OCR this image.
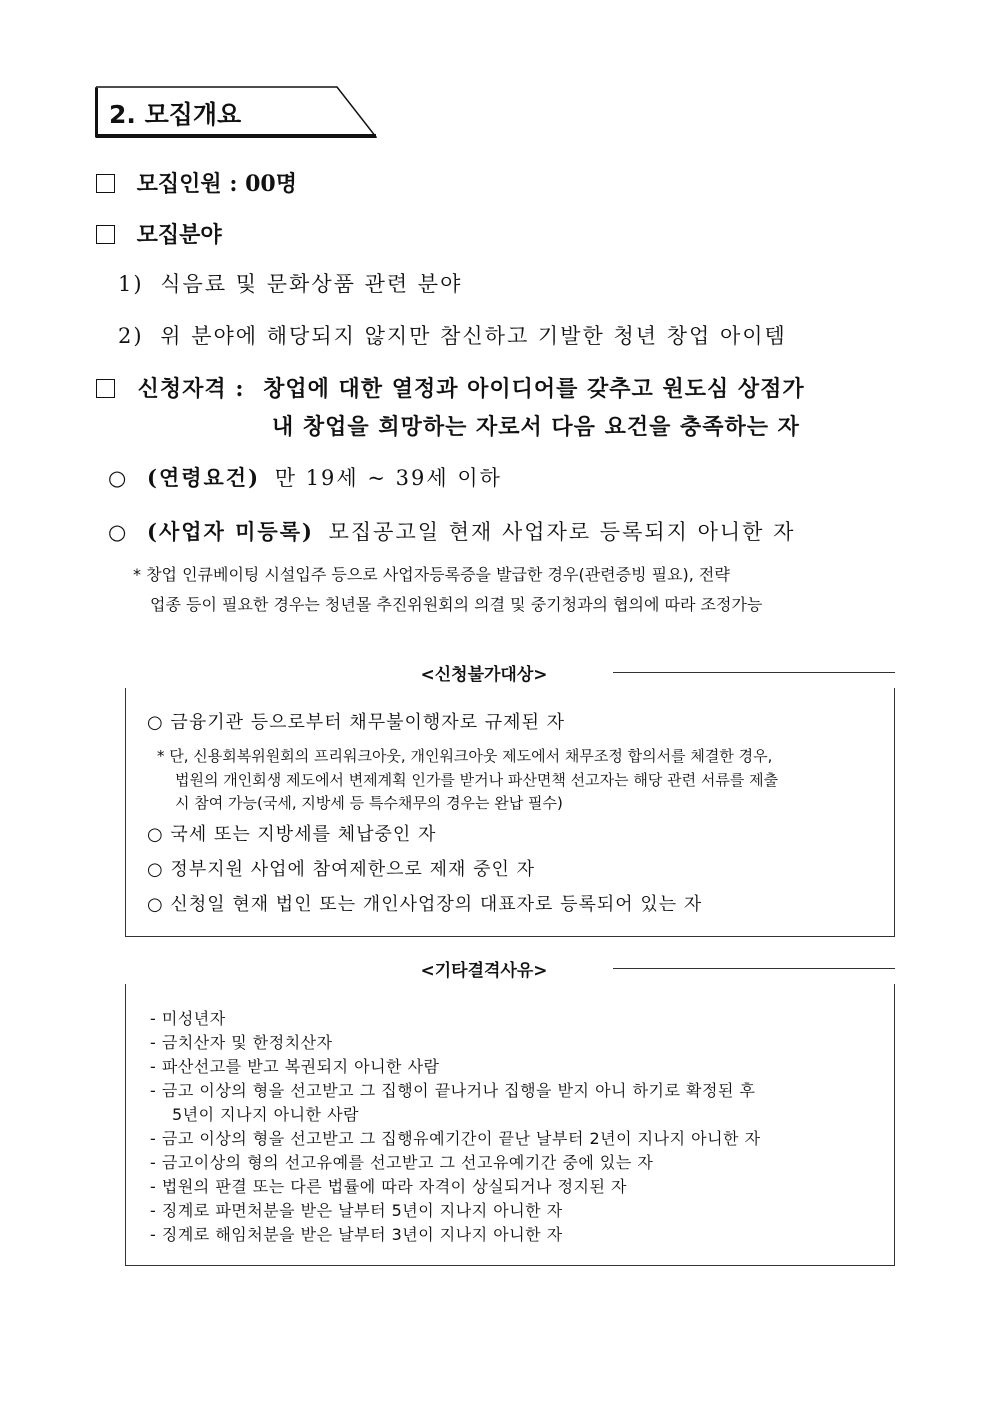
2. 모집개요
모집인원 : 00명
모집분야
1) 식음료 및 문화상품 관련 분야
2) 위 분야에 해당되지 않지만 참신하고 기발한 청년 창업 아이템
신청자격 : 창업에 대한 열정과 아이디어를 갖추고 원도심 상점가
내 창업을 희망하는 자로서 다음 요건을 충족하는 자
○ (연령요건) 만 19세 ~ 39세 이하
○ (사업자 미등록) 모집공고일 현재 사업자로 등록되지 아니한 자
* 창업 인큐베이팅 시설입주 등으로 사업자등록증을 발급한 경우(관련증빙 필요), 전략
업종 등이 필요한 경우는 청년몰 추진위원회의 의결 및 중기청과의 협의에 따라 조정가능
<신청불가대상>
○ 금융기관 등으로부터 채무불이행자로 규제된 자
* 단, 신용회복위원회의 프리워크아웃, 개인워크아웃 제도에서 채무조정 합의서를 체결한 경우,
법원의 개인회생 제도에서 변제계획 인가를 받거나 파산면책 선고자는 해당 관련 서류를 제출
시 참여 가능(국세, 지방세 등 특수채무의 경우는 완납 필수)
○ 국세 또는 지방세를 체납중인 자
○ 정부지원 사업에 참여제한으로 제재 중인 자
○ 신청일 현재 법인 또는 개인사업장의 대표자로 등록되어 있는 자
<기타결격사유>
- 미성년자
- 금치산자 및 한정치산자
- 파산선고를 받고 복권되지 아니한 사람
- 금고 이상의 형을 선고받고 그 집행이 끝나거나 집행을 받지 아니 하기로 확정된 후
5년이 지나지 아니한 사람
- 금고 이상의 형을 선고받고 그 집행유예기간이 끝난 날부터 2년이 지나지 아니한 자
- 금고이상의 형의 선고유예를 선고받고 그 선고유예기간 중에 있는 자
- 법원의 판결 또는 다른 법률에 따라 자격이 상실되거나 정지된 자
- 징계로 파면처분을 받은 날부터 5년이 지나지 아니한 자
- 징계로 해임처분을 받은 날부터 3년이 지나지 아니한 자
